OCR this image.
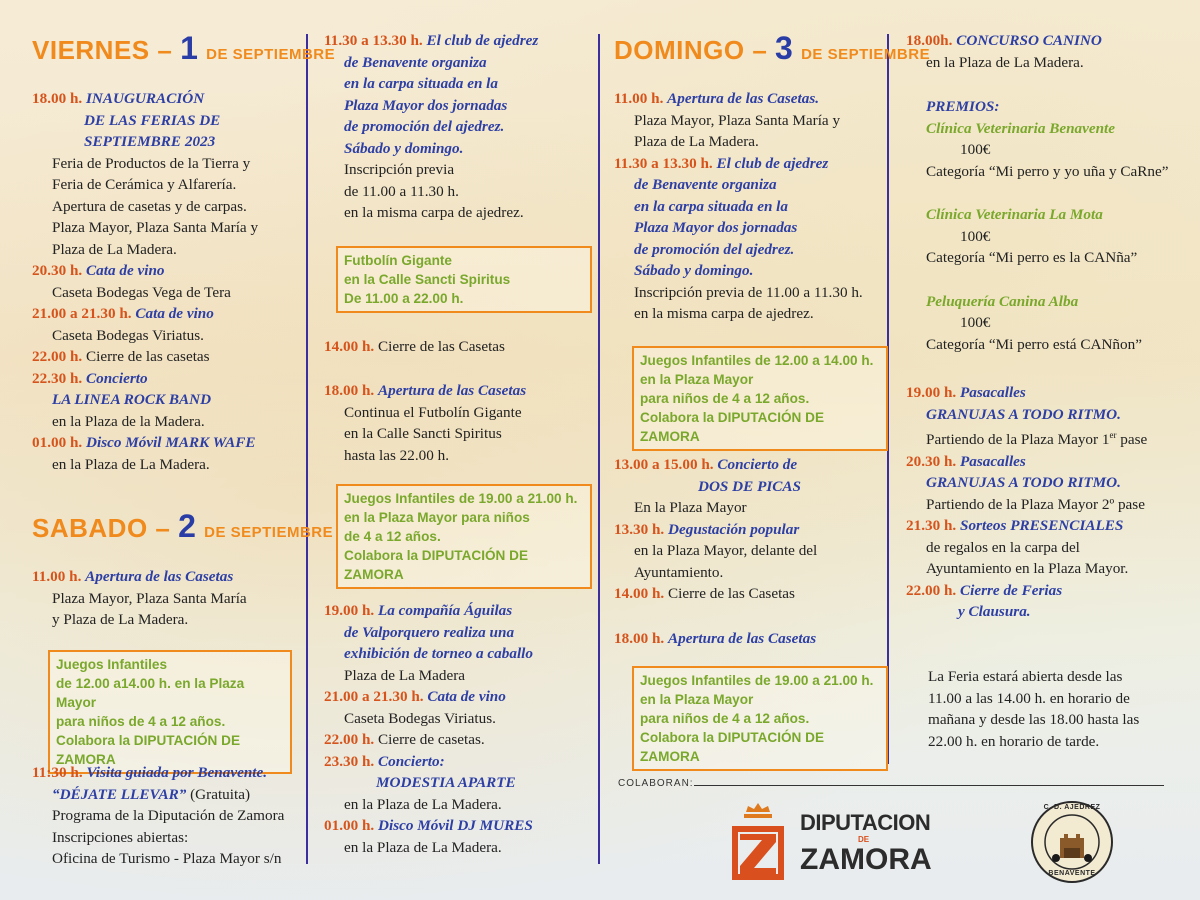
VIERNES – 1 DE SEPTIEMBRE
18.00 h. INAUGURACIÓN
DE LAS FERIAS DE
SEPTIEMBRE 2023
Feria de Productos de la Tierra y
Feria de Cerámica y Alfarería.
Apertura de casetas y de carpas.
Plaza Mayor, Plaza Santa María y
Plaza de La Madera.
20.30 h. Cata de vino
Caseta Bodegas Vega de Tera
21.00 a 21.30 h. Cata de vino
Caseta Bodegas Viriatus.
22.00 h. Cierre de las casetas
22.30 h. Concierto
LA LINEA ROCK BAND
en la Plaza de la Madera.
01.00 h. Disco Móvil MARK WAFE
en la Plaza de La Madera.
SABADO – 2 DE SEPTIEMBRE
11.00 h. Apertura de las Casetas
Plaza Mayor, Plaza Santa María
y Plaza de La Madera.
Juegos Infantiles
de 12.00 a14.00 h. en la Plaza Mayor
para niños de 4 a 12 años.
Colabora la DIPUTACIÓN DE ZAMORA
11:30 h. Visita guiada por Benavente.
“DÉJATE LLEVAR” (Gratuita)
Programa de la Diputación de Zamora
Inscripciones abiertas:
Oficina de Turismo - Plaza Mayor s/n
11.30 a 13.30 h. El club de ajedrez
de Benavente organiza
en la carpa situada en la
Plaza Mayor dos jornadas
de promoción del ajedrez.
Sábado y domingo.
Inscripción previa
de 11.00 a 11.30 h.
en la misma carpa de ajedrez.
Futbolín Gigante
en la Calle Sancti Spiritus
De 11.00 a 22.00 h.
14.00 h. Cierre de las Casetas
18.00 h. Apertura de las Casetas
Continua el Futbolín Gigante
en la Calle Sancti Spiritus
hasta las 22.00 h.
Juegos Infantiles de 19.00 a 21.00 h.
en la Plaza Mayor para niños
de 4 a 12 años.
Colabora la DIPUTACIÓN DE ZAMORA
19.00 h. La compañía Águilas
de Valporquero realiza una
exhibición de torneo a caballo
Plaza de La Madera
21.00 a 21.30 h. Cata de vino
Caseta Bodegas Viriatus.
22.00 h. Cierre de casetas.
23.30 h. Concierto:
MODESTIA APARTE
en la Plaza de La Madera.
01.00 h. Disco Móvil DJ MURES
en la Plaza de La Madera.
DOMINGO – 3 DE SEPTIEMBRE
11.00 h. Apertura de las Casetas.
Plaza Mayor, Plaza Santa María y
Plaza de La Madera.
11.30 a 13.30 h. El club de ajedrez
de Benavente organiza
en la carpa situada en la
Plaza Mayor dos jornadas
de promoción del ajedrez.
Sábado y domingo.
Inscripción previa de 11.00 a 11.30 h.
en la misma carpa de ajedrez.
Juegos Infantiles de 12.00 a 14.00 h.
en la Plaza Mayor
para niños de 4 a 12 años.
Colabora la DIPUTACIÓN DE ZAMORA
13.00 a 15.00 h. Concierto de
DOS DE PICAS
En la Plaza Mayor
13.30 h. Degustación popular
en la Plaza Mayor, delante del
Ayuntamiento.
14.00 h. Cierre de las Casetas
18.00 h. Apertura de las Casetas
Juegos Infantiles de 19.00 a 21.00 h.
en la Plaza Mayor
para niños de 4 a 12 años.
Colabora la DIPUTACIÓN DE ZAMORA
18.00h. CONCURSO CANINO
en la Plaza de La Madera.
PREMIOS:
Clínica Veterinaria Benavente
100€
Categoría “Mi perro y yo uña y CaRne”
Clínica Veterinaria La Mota
100€
Categoría “Mi perro es la CANña”
Peluquería Canina Alba
100€
Categoría “Mi perro está CANñon”
19.00 h. Pasacalles
GRANUJAS A TODO RITMO.
Partiendo de la Plaza Mayor 1er pase
20.30 h. Pasacalles
GRANUJAS A TODO RITMO.
Partiendo de la Plaza Mayor 2º pase
21.30 h. Sorteos PRESENCIALES
de regalos en la carpa del
Ayuntamiento en la Plaza Mayor.
22.00 h. Cierre de Ferias
y Clausura.
La Feria estará abierta desde las
11.00 a las 14.00 h. en horario de
mañana y desde las 18.00 hasta las
22.00 h. en horario de tarde.
COLABORAN:
DIPUTACION
DE
ZAMORA
C. D. AJEDREZ
BENAVENTE
